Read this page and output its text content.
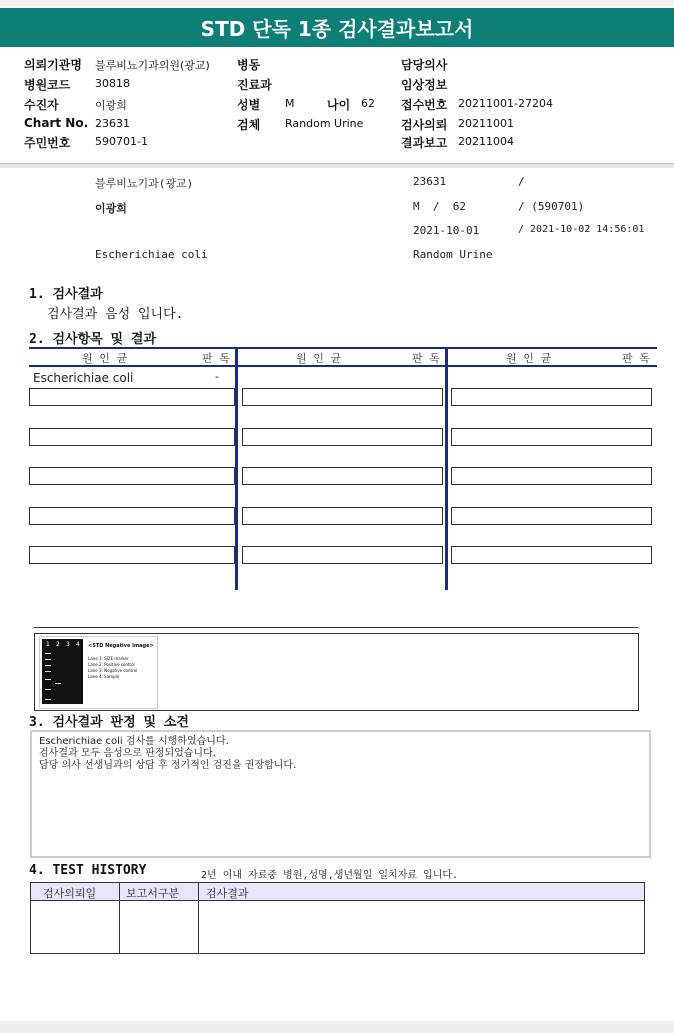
STD 단독 1종 검사결과보고서
의뢰기관명 블루비뇨기과의원(광교) 병동	담당의사
병원코드 30818	진료과	임상정보
수진자	이광희	성별 M	나이 62 접수번호 20211001-27204
Chart No. 23631	검체 Random Urine	검사의뢰 20211001
주민번호 590701-1	결과보고 20211004
블루비뇨기과(광교)	23631	/
이광희	M  /  62	/ (590701)
2021-10-01	/ 2021-10-02 14:56:01
Escherichiae coli	Random Urine
1. 검사결과
검사결과 음성 입니다.
2. 검사항목 및 결과
원 인 균	판 독	원 인 균	판 독	원 인 균	판 독
Escherichiae coli	-
1 2 3 4 <STD Negative Image>
Lane 1: SIZE marker
Lane 2: Positive control
Lane 3: Negative control
Lane 4: Sample
3. 검사결과 판정 및 소견
Escherichiae coli 검사를 시행하였습니다.
검사결과 모두 음성으로 판정되었습니다.
담당 의사 선생님과의 상담 후 정기적인 검진을 권장합니다.
4. TEST HISTORY	2년 이내 자료중 병원,성명,생년월일 일치자료 입니다.
검사의뢰일	보고서구분 검사결과
